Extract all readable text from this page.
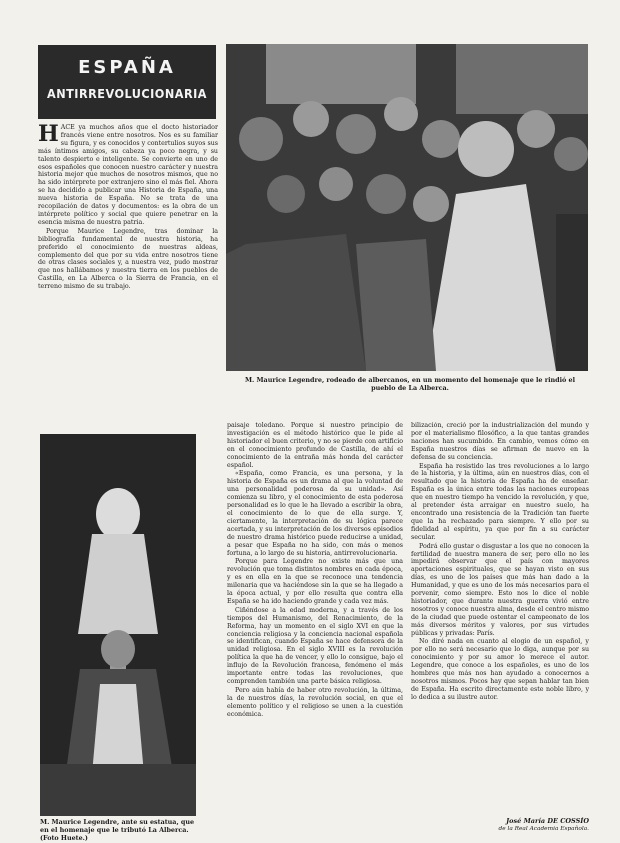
ESPAÑA
ANTIRREVOLUCIONARIA

HACE ya muchos años que el docto historiador francés viene entre nosotros. Nos es su familiar su figura, y es conocidos y contertulios suyos sus más íntimos amigos, su cabeza ya poco negra, y su talento despierto e inteligente. Se convierte en uno de esos españoles que conocen nuestro carácter y nuestra historia mejor que muchos de nosotros mismos, que no ha sido intérprete por extranjero sino el más fiel. Ahora se ha decidido a publicar una Historia de España, una nueva historia de España. No se trata de una recopilación de datos y documentos: es la obra de un intérprete político y social que quiere penetrar en la esencia misma de nuestra patria.

Porque Maurice Legendre, tras dominar la bibliografía fundamental de nuestra historia, ha preferido el conocimiento de nuestras aldeas, complemento del que por su vida entre nosotros tiene de otras clases sociales y, a nuestra vez, pudo mostrar que nos hallábamos y nuestra tierra en los pueblos de Castilla, en La Alberca o la Sierra de Francia, en el terreno mismo de su trabajo.

M. Maurice Legendre, rodeado de albercanos, en un momento del homenaje que le rindió el pueblo de La Alberca.
M. Maurice Legendre, ante su estatua, que en el homenaje que le tributó La Alberca. (Foto Huete.)

paisaje toledano. Porque si nuestro principio de investigación es el método histórico que le pide al historiador el buen criterio, y no se pierde con artificio en el conocimiento profundo de Castilla, de ahí el conocimiento de la entraña más honda del carácter español.

«España, como Francia, es una persona, y la historia de España es un drama al que la voluntad de una personalidad poderosa da su unidad». Así comienza su libro, y el conocimiento de esta poderosa personalidad es lo que le ha llevado a escribir la obra, el conocimiento de lo que de ella surge. Y, ciertamente, la interpretación de su lógica parece acertada, y su interpretación de los diversos episodios de nuestro drama histórico puede reducirse a unidad, a pesar que España no ha sido, con más o menos fortuna, a lo largo de su historia, antirrevolucionaria.

Porque para Legendre no existe más que una revolución que toma distintos nombres en cada época, y es en ella en la que se reconoce una tendencia milenaria que va haciéndose sin la que se ha llegado a la época actual, y por ello resulta que contra ella España se ha ido haciendo grande y cada vez más.

Ciñéndose a la edad moderna, y a través de los tiempos del Humanismo, del Renacimiento, de la Reforma, hay un momento en el siglo XVI en que la conciencia religiosa y la conciencia nacional española se identifican, cuando España se hace defensora de la unidad religiosa. En el siglo XVIII es la revolución política la que ha de vencer, y ello lo consigue, bajo el influjo de la Revolución francesa, fenómeno el más importante entre todas las revoluciones, que comprenden también una parte básica religiosa.

Pero aún había de haber otro revolución, la última, la de nuestros días, la revolución social, en que el elemento político y el religioso se unen a la cuestión económica.

bilización, creció por la industrialización del mundo y por el materialismo filosófico, a la que tantas grandes naciones han sucumbido. En cambio, vemos cómo en España nuestros días se afirman de nuevo en la defensa de su conciencia.

España ha resistido las tres revoluciones a lo largo de la historia, y la última, aún en nuestros días, con el resultado que la historia de España ha de enseñar. España es la única entre todas las naciones europeas que en nuestro tiempo ha vencido la revolución, y que, al pretender ésta arraigar en nuestro suelo, ha encontrado una resistencia de la Tradición tan fuerte que la ha rechazado para siempre. Y ello por su fidelidad al espíritu, ya que por fin a su carácter secular.

Podrá ello gustar o disgustar a los que no conocen la fertilidad de nuestra manera de ser, pero ello no les impedirá observar que el país con mayores aportaciones espirituales, que se hayan visto en sus días, es uno de los países que más han dado a la Humanidad, y que es uno de los más necesarios para el porvenir, como siempre. Esto nos lo dice el noble historiador, que durante nuestra guerra vivió entre nosotros y conoce nuestra alma, desde el centro mismo de la ciudad que puede ostentar el campeonato de los más diversos méritos y valores, por sus virtudes públicas y privadas: París.

No diré nada en cuanto al elogio de un español, y por ello no será necesario que lo diga, aunque por su conocimiento y por su amor lo merece el autor. Legendre, que conoce a los españoles, es uno de los hombres que más nos han ayudado a conocernos a nosotros mismos. Pocos hay que sepan hablar tan bien de España. Ha escrito directamente este noble libro, y lo dedica a su ilustre autor.

José María DE COSSÍO
de la Real Academia Española.
